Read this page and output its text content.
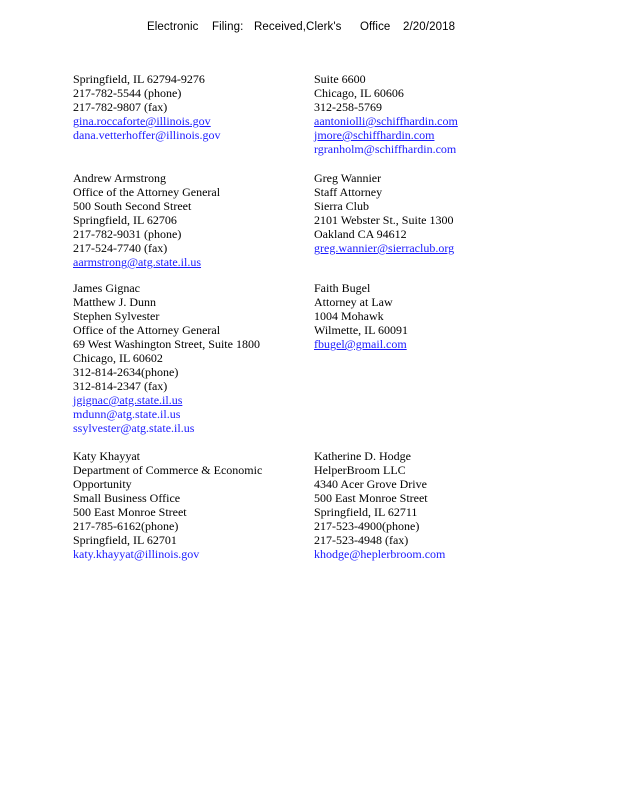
Electronic Filing: Received,Clerk's Office 2/20/2018
Springfield, IL 62794-9276
217-782-5544 (phone)
217-782-9807 (fax)
gina.roccaforte@illinois.gov
dana.vetterhoffer@illinois.gov
Andrew Armstrong
Office of the Attorney General
500 South Second Street
Springfield, IL 62706
217-782-9031 (phone)
217-524-7740 (fax)
aarmstrong@atg.state.il.us
James Gignac
Matthew J. Dunn
Stephen Sylvester
Office of the Attorney General
69 West Washington Street, Suite 1800
Chicago, IL 60602
312-814-2634(phone)
312-814-2347 (fax)
jgignac@atg.state.il.us
mdunn@atg.state.il.us
ssylvester@atg.state.il.us
Katy Khayyat
Department of Commerce & Economic
Opportunity
Small Business Office
500 East Monroe Street
217-785-6162(phone)
Springfield, IL 62701
katy.khayyat@illinois.gov
Suite 6600
Chicago, IL 60606
312-258-5769
aantoniolli@schiffhardin.com
jmore@schiffhardin.com
rgranholm@schiffhardin.com
Greg Wannier
Staff Attorney
Sierra Club
2101 Webster St., Suite 1300
Oakland CA 94612
greg.wannier@sierraclub.org
Faith Bugel
Attorney at Law
1004 Mohawk
Wilmette, IL 60091
fbugel@gmail.com
Katherine D. Hodge
HelperBroom LLC
4340 Acer Grove Drive
500 East Monroe Street
Springfield, IL 62711
217-523-4900(phone)
217-523-4948 (fax)
khodge@heplerbroom.com
